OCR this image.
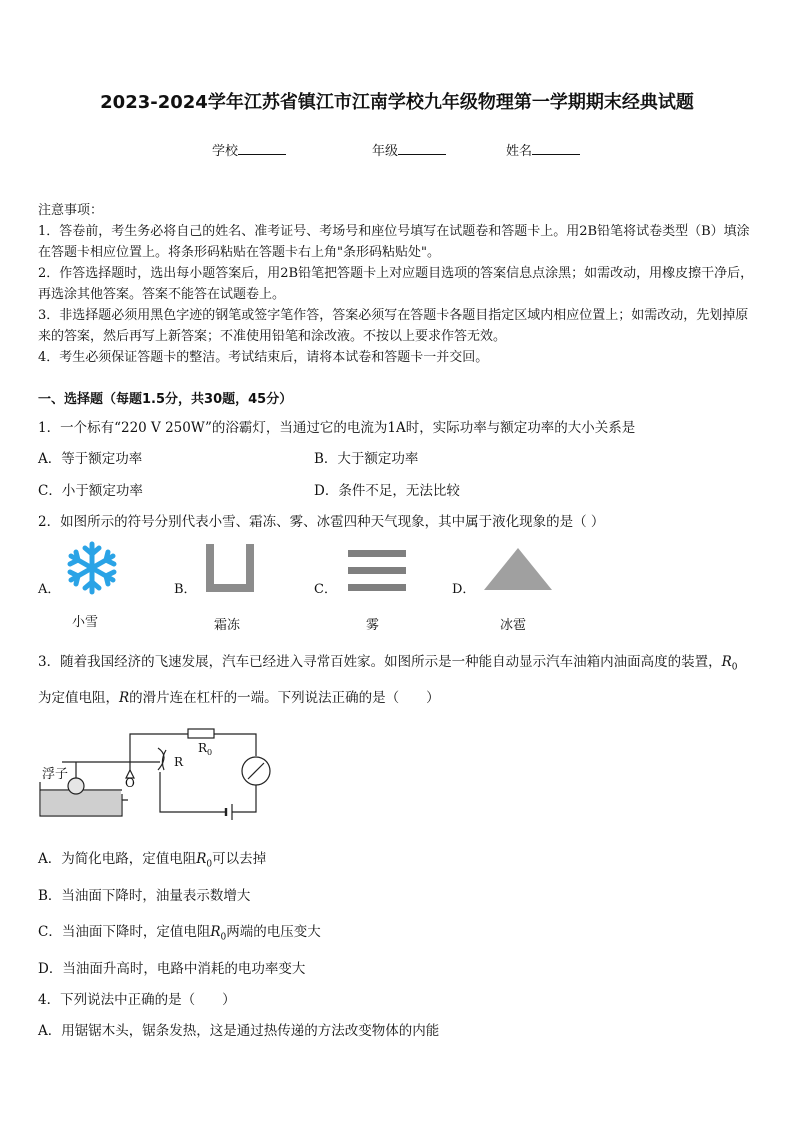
2023-2024学年江苏省镇江市江南学校九年级物理第一学期期末经典试题
学校	年级	姓名
注意事项：
1．答卷前，考生务必将自己的姓名、准考证号、考场号和座位号填写在试题卷和答题卡上。用2B铅笔将试卷类型（B）填涂在答题卡相应位置上。将条形码粘贴在答题卡右上角"条形码粘贴处"。
2．作答选择题时，选出每小题答案后，用2B铅笔把答题卡上对应题目选项的答案信息点涂黑；如需改动，用橡皮擦干净后，再选涂其他答案。答案不能答在试题卷上。
3．非选择题必须用黑色字迹的钢笔或签字笔作答，答案必须写在答题卡各题目指定区域内相应位置上；如需改动，先划掉原来的答案，然后再写上新答案；不准使用铅笔和涂改液。不按以上要求作答无效。
4．考生必须保证答题卡的整洁。考试结束后，请将本试卷和答题卡一并交回。
一、选择题（每题1.5分，共30题，45分）
1．一个标有“220 V 250W”的浴霸灯，当通过它的电流为1A时，实际功率与额定功率的大小关系是
A．等于额定功率	B．大于额定功率
C．小于额定功率	D．条件不足，无法比较
2．如图所示的符号分别代表小雪、霜冻、雾、冰雹四种天气现象，其中属于液化现象的是（ ）
A．
小雪
B．
霜冻
C．
雾
D．
冰雹
3．随着我国经济的飞速发展，汽车已经进入寻常百姓家。如图所示是一种能自动显示汽车油箱内油面高度的装置，$R_0$
为定值电阻，R的滑片连在杠杆的一端。下列说法正确的是（　　）
浮子
$R_0$
R
O
A．为简化电路，定值电阻$R_0$可以去掉
B．当油面下降时，油量表示数增大
C．当油面下降时，定值电阻$R_0$两端的电压变大
D．当油面升高时，电路中消耗的电功率变大
4．下列说法中正确的是（　　）
A．用锯锯木头，锯条发热，这是通过热传递的方法改变物体的内能
